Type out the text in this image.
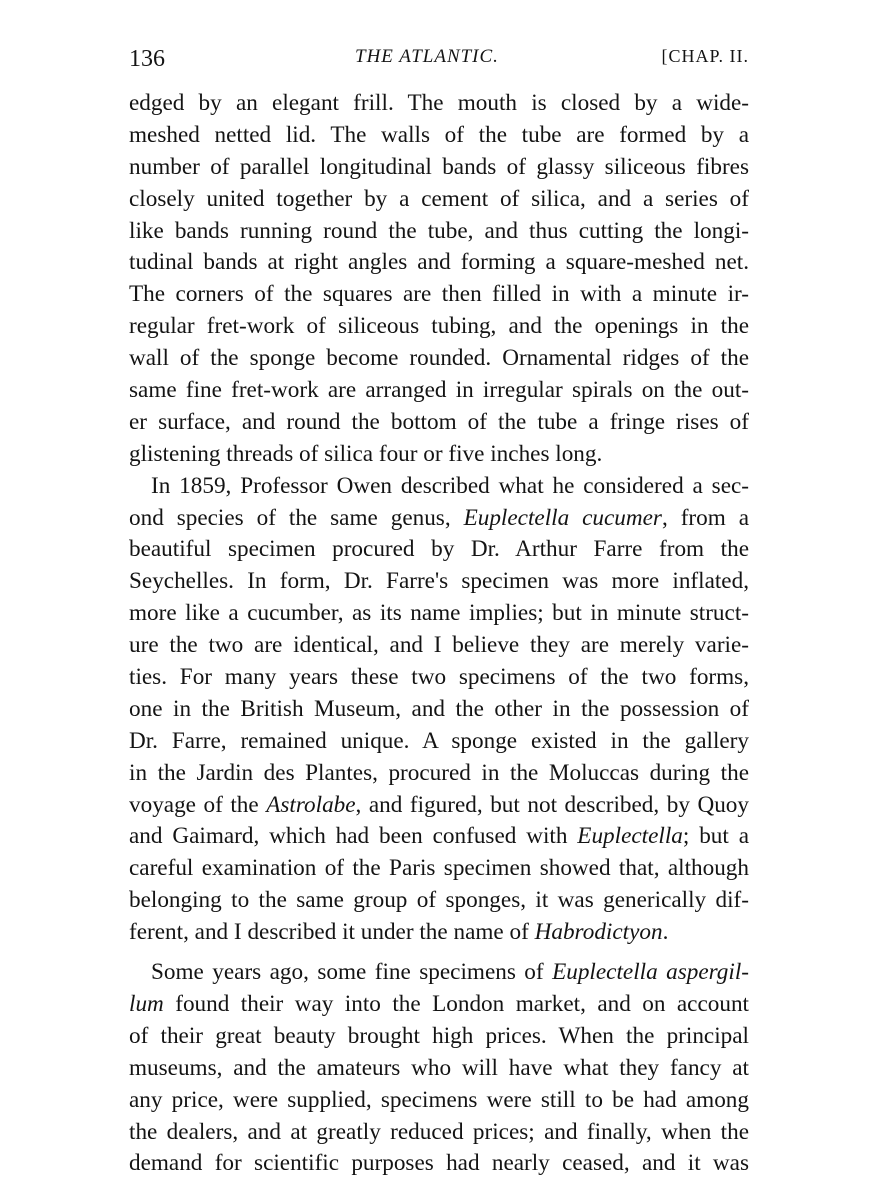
136	THE ATLANTIC.	[CHAP. II.
edged by an elegant frill. The mouth is closed by a wide-
meshed netted lid. The walls of the tube are formed by a
number of parallel longitudinal bands of glassy siliceous fibres
closely united together by a cement of silica, and a series of
like bands running round the tube, and thus cutting the longi-
tudinal bands at right angles and forming a square-meshed net.
The corners of the squares are then filled in with a minute ir-
regular fret-work of siliceous tubing, and the openings in the
wall of the sponge become rounded. Ornamental ridges of the
same fine fret-work are arranged in irregular spirals on the out-
er surface, and round the bottom of the tube a fringe rises of
glistening threads of silica four or five inches long.
In 1859, Professor Owen described what he considered a sec-
ond species of the same genus, Euplectella cucumer, from a
beautiful specimen procured by Dr. Arthur Farre from the
Seychelles. In form, Dr. Farre's specimen was more inflated,
more like a cucumber, as its name implies; but in minute struct-
ure the two are identical, and I believe they are merely varie-
ties. For many years these two specimens of the two forms,
one in the British Museum, and the other in the possession of
Dr. Farre, remained unique. A sponge existed in the gallery
in the Jardin des Plantes, procured in the Moluccas during the
voyage of the Astrolabe, and figured, but not described, by Quoy
and Gaimard, which had been confused with Euplectella; but a
careful examination of the Paris specimen showed that, although
belonging to the same group of sponges, it was generically dif-
ferent, and I described it under the name of Habrodictyon.
Some years ago, some fine specimens of Euplectella aspergil-
lum found their way into the London market, and on account
of their great beauty brought high prices. When the principal
museums, and the amateurs who will have what they fancy at
any price, were supplied, specimens were still to be had among
the dealers, and at greatly reduced prices; and finally, when the
demand for scientific purposes had nearly ceased, and it was
